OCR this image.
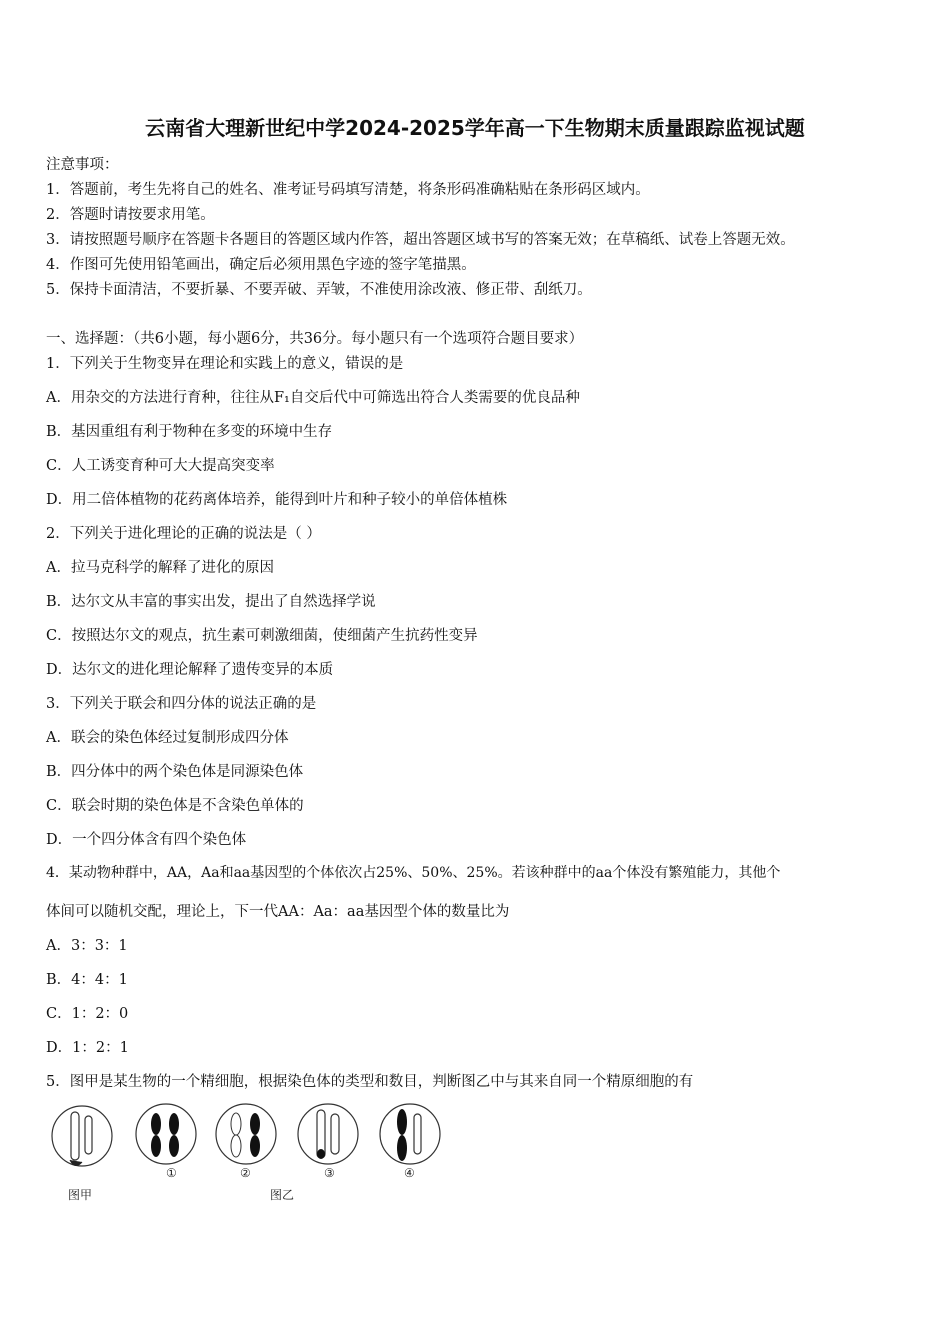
云南省大理新世纪中学2024-2025学年高一下生物期末质量跟踪监视试题
注意事项：
1．答题前，考生先将自己的姓名、准考证号码填写清楚，将条形码准确粘贴在条形码区域内。
2．答题时请按要求用笔。
3．请按照题号顺序在答题卡各题目的答题区域内作答，超出答题区域书写的答案无效；在草稿纸、试卷上答题无效。
4．作图可先使用铅笔画出，确定后必须用黑色字迹的签字笔描黑。
5．保持卡面清洁，不要折暴、不要弄破、弄皱，不准使用涂改液、修正带、刮纸刀。
一、选择题：（共6小题，每小题6分，共36分。每小题只有一个选项符合题目要求）
1．下列关于生物变异在理论和实践上的意义，错误的是
A．用杂交的方法进行育种，往往从F₁自交后代中可筛选出符合人类需要的优良品种
B．基因重组有利于物种在多变的环境中生存
C．人工诱变育种可大大提高突变率
D．用二倍体植物的花药离体培养，能得到叶片和种子较小的单倍体植株
2．下列关于进化理论的正确的说法是（ ）
A．拉马克科学的解释了进化的原因
B．达尔文从丰富的事实出发，提出了自然选择学说
C．按照达尔文的观点，抗生素可刺激细菌，使细菌产生抗药性变异
D．达尔文的进化理论解释了遗传变异的本质
3．下列关于联会和四分体的说法正确的是
A．联会的染色体经过复制形成四分体
B．四分体中的两个染色体是同源染色体
C．联会时期的染色体是不含染色单体的
D．一个四分体含有四个染色体
4．某动物种群中，AA，Aa和aa基因型的个体依次占25%、50%、25%。若该种群中的aa个体没有繁殖能力，其他个
体间可以随机交配，理论上，下一代AA：Aa：aa基因型个体的数量比为
A．3：3：1
B．4：4：1
C．1：2：0
D．1：2：1
5．图甲是某生物的一个精细胞，根据染色体的类型和数目，判断图乙中与其来自同一个精原细胞的有
①	②	③	④
图甲	图乙
